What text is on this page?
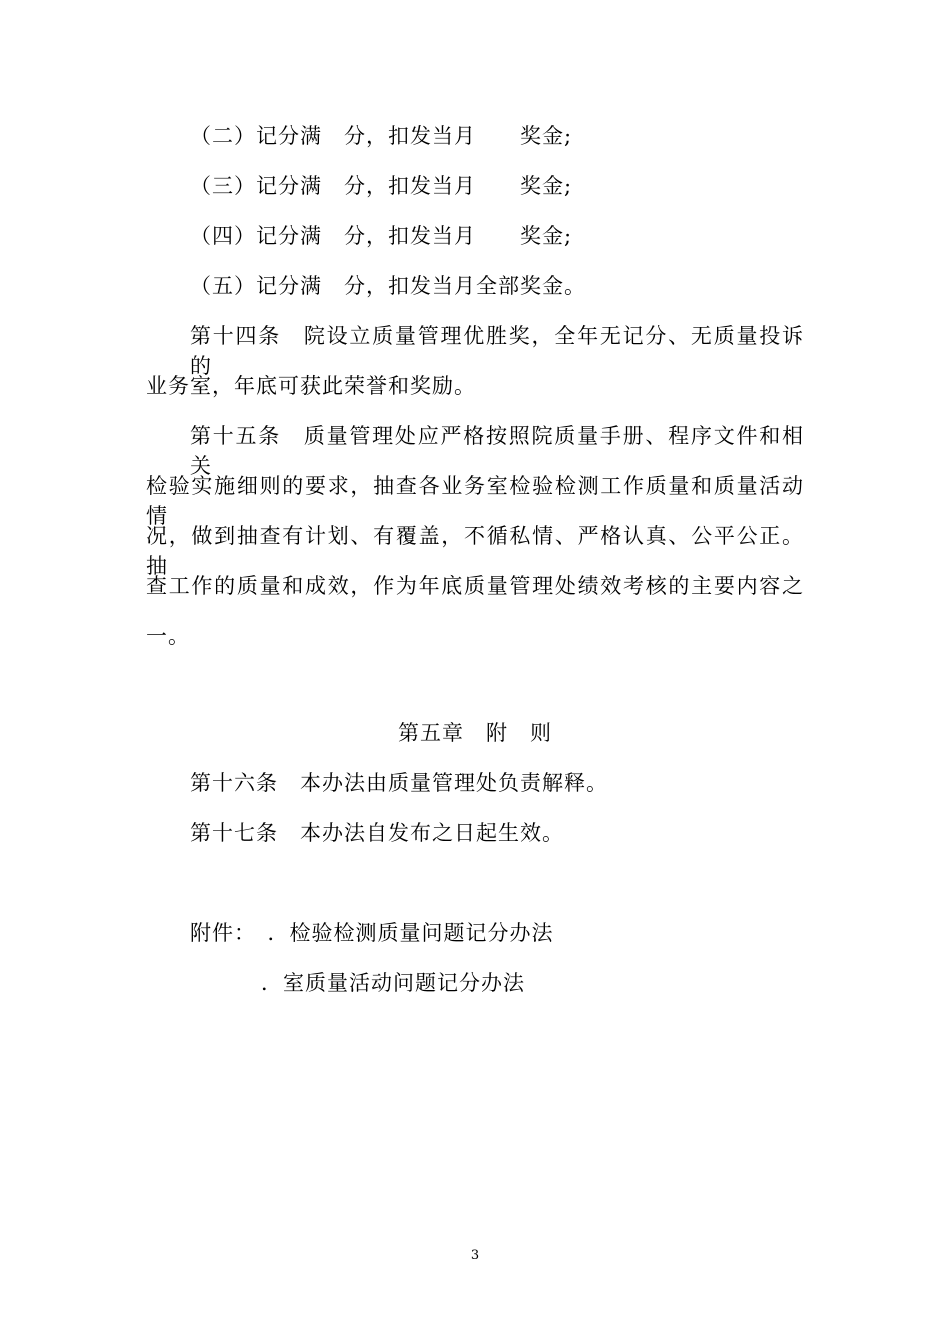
（二）记分满　分，扣发当月　　奖金;
（三）记分满　分，扣发当月　　奖金;
（四）记分满　分，扣发当月　　奖金;
（五）记分满　分，扣发当月全部奖金。
第十四条　院设立质量管理优胜奖，全年无记分、无质量投诉的
业务室，年底可获此荣誉和奖励。
第十五条　质量管理处应严格按照院质量手册、程序文件和相关
检验实施细则的要求，抽查各业务室检验检测工作质量和质量活动情
况，做到抽查有计划、有覆盖，不循私情、严格认真、公平公正。抽
查工作的质量和成效，作为年底质量管理处绩效考核的主要内容之
一。
第五章　附　则
第十六条　本办法由质量管理处负责解释。
第十七条　本办法自发布之日起生效。
附件：　．检验检测质量问题记分办法
．室质量活动问题记分办法
3
